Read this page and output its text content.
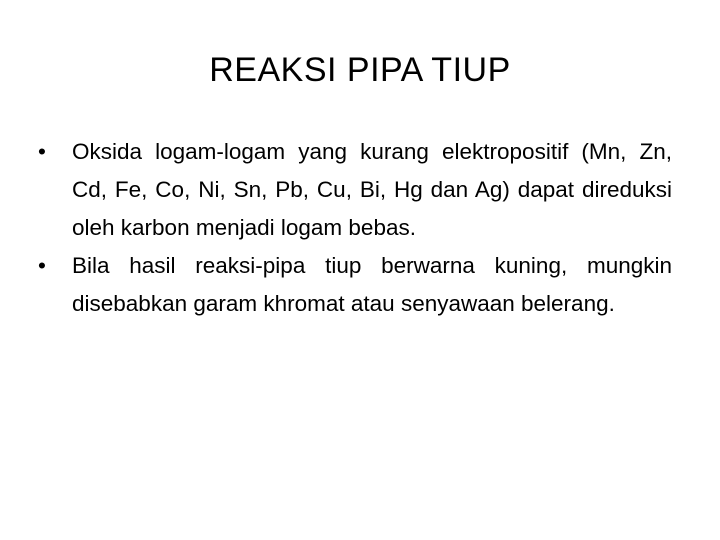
REAKSI PIPA TIUP
•	Oksida logam-logam yang kurang elektropositif (Mn, Zn, Cd, Fe, Co, Ni, Sn, Pb, Cu, Bi, Hg dan Ag) dapat direduksi oleh karbon menjadi logam bebas.
•	Bila hasil reaksi-pipa tiup berwarna kuning, mungkin disebabkan garam khromat atau senyawaan belerang.
